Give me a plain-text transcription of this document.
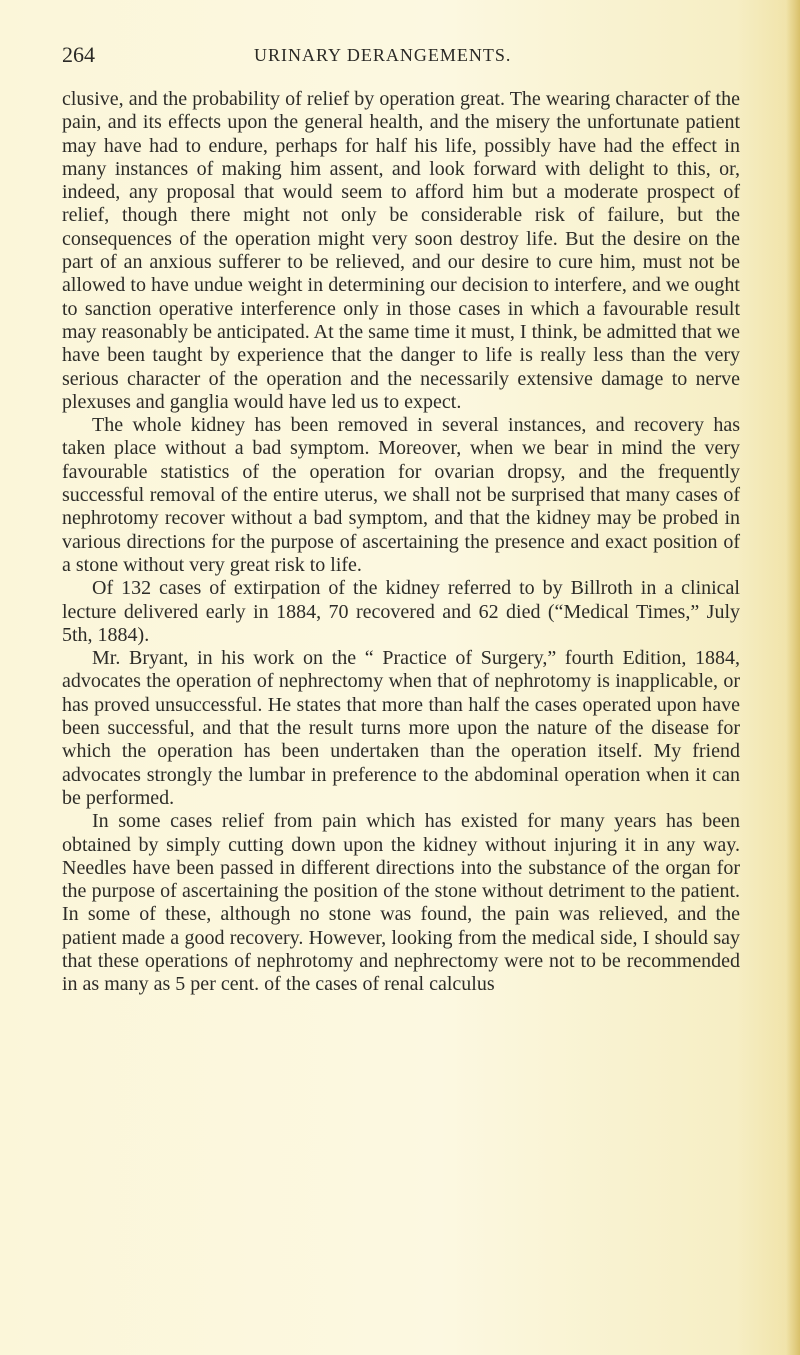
264	URINARY DERANGEMENTS.

clusive, and the probability of relief by operation great. The wearing character of the pain, and its effects upon the general health, and the misery the unfortunate patient may have had to endure, perhaps for half his life, possibly have had the effect in many instances of making him assent, and look forward with delight to this, or, indeed, any proposal that would seem to afford him but a moderate prospect of relief, though there might not only be considerable risk of failure, but the consequences of the operation might very soon destroy life. But the desire on the part of an anxious sufferer to be relieved, and our desire to cure him, must not be allowed to have undue weight in determining our decision to interfere, and we ought to sanction operative interference only in those cases in which a favourable result may reasonably be anticipated. At the same time it must, I think, be admitted that we have been taught by experience that the danger to life is really less than the very serious character of the operation and the necessarily extensive damage to nerve plexuses and ganglia would have led us to expect.

The whole kidney has been removed in several instances, and recovery has taken place without a bad symptom. Moreover, when we bear in mind the very favourable statistics of the operation for ovarian dropsy, and the frequently successful removal of the entire uterus, we shall not be surprised that many cases of nephrotomy recover without a bad symptom, and that the kidney may be probed in various directions for the purpose of ascertaining the presence and exact position of a stone without very great risk to life.

Of 132 cases of extirpation of the kidney referred to by Billroth in a clinical lecture delivered early in 1884, 70 recovered and 62 died (“Medical Times,” July 5th, 1884).

Mr. Bryant, in his work on the “ Practice of Surgery,” fourth Edition, 1884, advocates the operation of nephrectomy when that of nephrotomy is inapplicable, or has proved unsuccessful. He states that more than half the cases operated upon have been successful, and that the result turns more upon the nature of the disease for which the operation has been undertaken than the operation itself. My friend advocates strongly the lumbar in preference to the abdominal operation when it can be performed.

In some cases relief from pain which has existed for many years has been obtained by simply cutting down upon the kidney without injuring it in any way. Needles have been passed in different directions into the substance of the organ for the purpose of ascertaining the position of the stone without detriment to the patient. In some of these, although no stone was found, the pain was relieved, and the patient made a good recovery. However, looking from the medical side, I should say that these operations of nephrotomy and nephrectomy were not to be recommended in as many as 5 per cent. of the cases of renal calculus
